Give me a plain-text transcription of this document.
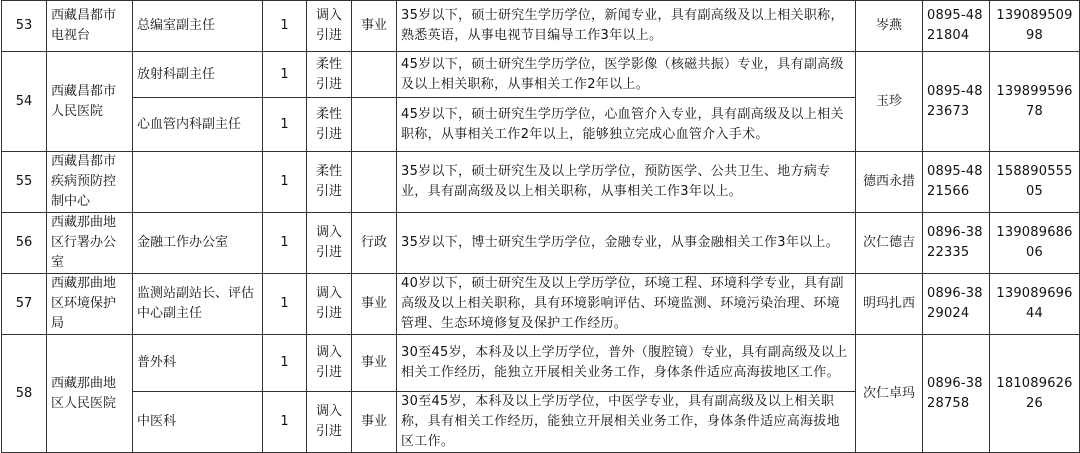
53	西藏昌都市电视台	总编室副主任	1	调入引进	事业	35岁以下，硕士研究生学历学位，新闻专业，具有副高级及以上相关职称，熟悉英语，从事电视节目编导工作3年以上。	岑燕	0895-4821804	13908950998
54	西藏昌都市人民医院	放射科副主任	1	柔性引进		45岁以下，硕士研究生学历学位，医学影像（核磁共振）专业，具有副高级及以上相关职称，从事相关工作2年以上。	玉珍	0895-4823673	13989959678
		心血管内科副主任	1	柔性引进		45岁以下，硕士研究生学历学位，心血管介入专业，具有副高级及以上相关职称，从事相关工作2年以上，能够独立完成心血管介入手术。			
55	西藏昌都市疾病预防控制中心		1	柔性引进		35岁以下，硕士研究生及以上学历学位，预防医学、公共卫生、地方病专业，具有副高级及以上相关职称，从事相关工作3年以上。	德西永措	0895-4821566	15889055505
56	西藏那曲地区行署办公室	金融工作办公室	1	调入引进	行政	35岁以下，博士研究生学历学位，金融专业，从事金融相关工作3年以上。	次仁德吉	0896-3822335	13908968606
57	西藏那曲地区环境保护局	监测站副站长、评估中心副主任	1	调入引进	事业	40岁以下，硕士研究生及以上学历学位，环境工程、环境科学专业，具有副高级及以上相关职称，具有环境影响评估、环境监测、环境污染治理、环境管理、生态环境修复及保护工作经历。	明玛扎西	0896-3829024	13908969644
58	西藏那曲地区人民医院	普外科	1	调入引进	事业	30至45岁，本科及以上学历学位，普外（腹腔镜）专业，具有副高级及以上相关工作经历，能独立开展相关业务工作，身体条件适应高海拔地区工作。	次仁卓玛	0896-3828758	18108962626
		中医科	1	调入引进	事业	30至45岁，本科及以上学历学位，中医学专业，具有副高级及以上相关职称，具有相关工作经历，能独立开展相关业务工作，身体条件适应高海拔地区工作。			
